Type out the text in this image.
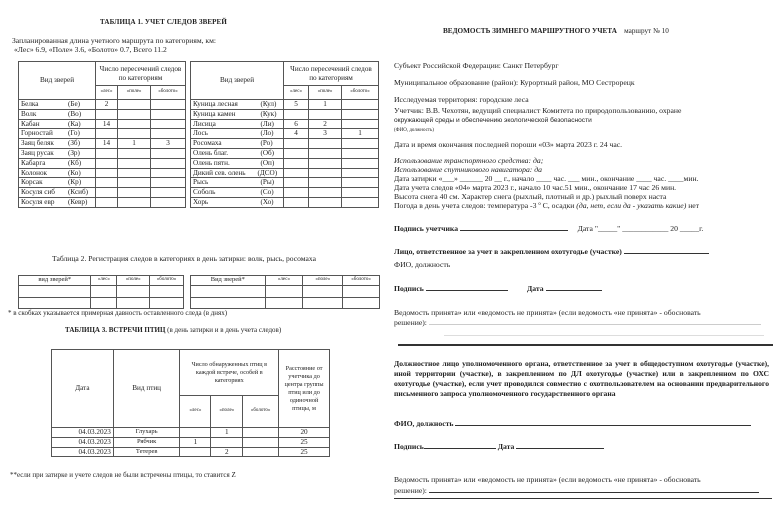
ТАБЛИЦА 1. УЧЕТ СЛЕДОВ ЗВЕРЕЙ
Запланированная длина учетного маршрута по категориям, км:
«Лес» 6.9, «Поле» 3.6, «Болото» 0.7, Всего 11.2
Вид зверей		Число пересечений следов по категориям		
		«лес»	«поле»	«болото»
Белка	(Бе)	2		
Волк	(Во)			
Кабан	(Ка)	14		
Горностай	(Го)			
Заяц беляк	(Зб)	14	1	3
Заяц русак	(Зр)			
Кабарга	(Кб)			
Колонок	(Ко)			
Корсак	(Кр)			
Косуля сиб	(Ксиб)			
Косуля евр	(Кевр)			
Вид зверей		Число пересечений следов по категориям		
		«лес»	«поле»	«болото»
Куница лесная	(Кул)	5	1	
Куница камен	(Кук)			
Лисица	(Ли)	6	2	
Лось	(Ло)	4	3	1
Росомаха	(Ро)			
Олень благ.	(Об)			
Олень пятн.	(Оп)			
Дикий сев. олень	(ДСО)			
Рысь	(Ры)			
Соболь	(Со)			
Хорь	(Хо)			
Таблица 2. Регистрация следов в категориях в день затирки: волк, рысь, росомаха
вид зверей*	«лес»	«поле»	«болото»

				Вид зверей*	«лес»	«поле»	«болото»

* в скобках указывается примерная давность оставленного следа (в днях)
ТАБЛИЦА 3. ВСТРЕЧИ ПТИЦ (в день затирки и в день учета следов)
Дата	Вид птиц	Число обнаруженных птиц в каждой встрече, особей в категориях			Расстояние от учетчика до центра группы птиц или до одиночной птицы, м
		«лес»	«поле»	«болото»	
04.03.2023	Глухарь		1		20
04.03.2023	Рябчик	1			25
04.03.2023	Тетерев		2		25
**если при затирке и учете следов не были встречены птицы, то ставится Z
ВЕДОМОСТЬ ЗИМНЕГО МАРШРУТНОГО УЧЕТА маршрут № 10
Субъект Российской Федерации: Санкт Петербург
Муниципальное образование (район): Курортный район, МО Сестрорецк
Исследуемая территория: городские леса
Учетчик: В.В. Чехотян, ведущий специалист Комитета по природопользованию, охране
окружающей среды и обеспечению экологической безопасности
(ФИО, должность)
Дата и время окончания последней пороши «03» марта 2023 г. 24 час.
Использование транспортного средства: да;
Использование спутникового навигатора: да
Дата затирки «___» ______ 20 __ г., начало ____ час. ___ мин., окончание ____ час. ____мин.
Дата учета следов «04» марта 2023 г., начало 10 час.51 мин., окончание 17 час 26 мин.
Высота снега 40 см. Характер снега (рыхлый, плотный и др.) рыхлый поверх наста
Погода в день учета следов: температура -3 º С, осадки (да, нет, если да - указать какие) нет
Подпись учетчика	Дата "_____" ____________ 20 _____г.
Лицо, ответственное за учет в закрепленном охотугодье (участке)
ФИО, должность
Подпись	Дата
Ведомость принята» или «ведомость не принята» (если ведомость «не принята» - обосновать
решение):
Должностное лицо уполномоченного органа, ответственное за учет в общедоступном охотугодье (участке), иной территории (участке), в закрепленном по ДЛ охотугодье (участке) или в закрепленном по ОХС охотугодье (участке), если учет проводился совместно с охотпользователем на основании предварительного письменного запроса уполномоченного государственного органа
ФИО, должность
Подпись	Дата
Ведомость принята» или «ведомость не принята» (если ведомость «не принята» - обосновать
решение):
